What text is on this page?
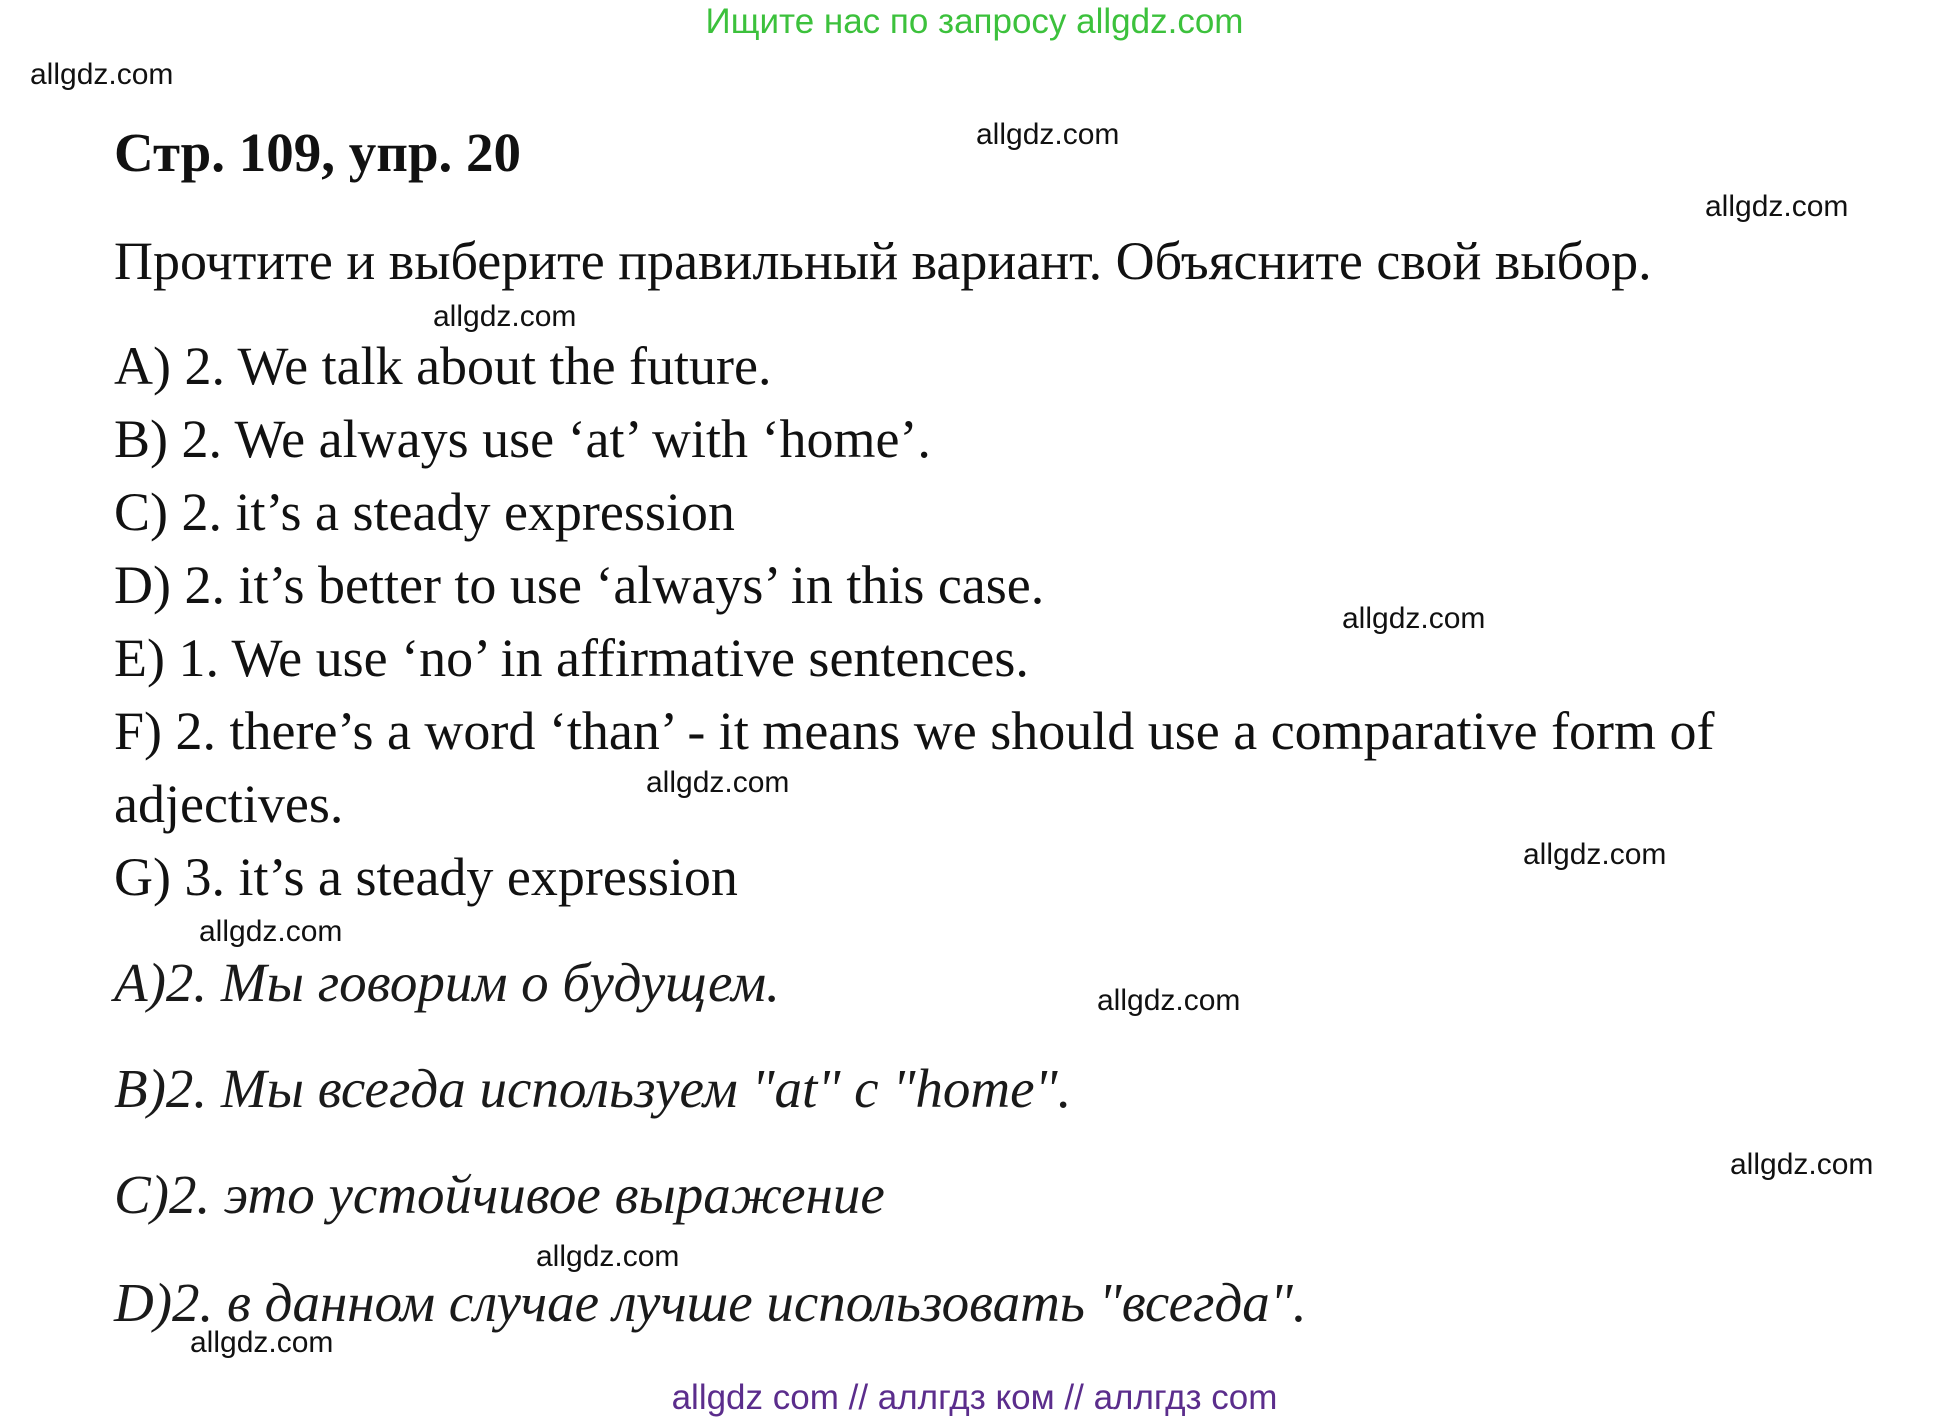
Ищите нас по запросу allgdz.com
allgdz.com
allgdz.com
allgdz.com
allgdz.com
allgdz.com
allgdz.com
allgdz.com
allgdz.com
allgdz.com
allgdz.com
allgdz.com
allgdz.com
Стр. 109, упр. 20
Прочтите и выберите правильный вариант. Объясните свой выбор.
A) 2. We talk about the future.
B) 2. We always use ‘at’ with ‘home’.
C) 2. it’s a steady expression
D) 2. it’s better to use ‘always’ in this case.
E) 1. We use ‘no’ in affirmative sentences.
F) 2. there’s a word ‘than’ - it means we should use a comparative form of
adjectives.
G) 3. it’s a steady expression
A)2. Мы говорим о будущем.
B)2. Мы всегда используем "at" с "home".
C)2. это устойчивое выражение
D)2. в данном случае лучше использовать "всегда".
allgdz com // аллгдз ком // аллгдз com
